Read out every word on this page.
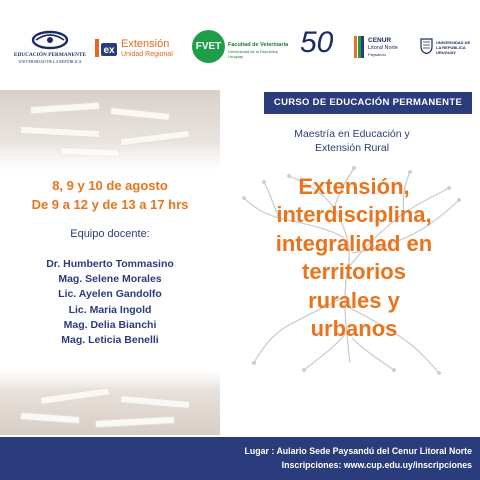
EDUCACIÓN PERMANENTE
UNIVERSIDAD DE LA REPÚBLICA
ex
Extensión
Unidad Regional
FVET	Facultad de Veterinaria
Universidad de la República
Uruguay 50	CENUR
Litoral Norte
Paysandú
UNIVERSIDAD DE LA REPÚBLICA URUGUAY
CURSO DE EDUCACIÓN PERMANENTE
Maestría en Educación y
Extensión Rural
Extensión,
interdisciplina,
integralidad en
territorios
rurales y
urbanos
8, 9 y 10 de agosto
De 9 a 12 y de 13 a 17 hrs
Equipo docente:
Dr. Humberto Tommasino
Mag. Selene Morales
Lic. Ayelen Gandolfo
Lic. Maria Ingold
Mag. Delia Bianchi
Mag. Leticia Benelli
Lugar : Aulario Sede Paysandú del Cenur Litoral Norte
Inscripciones: www.cup.edu.uy/inscripciones
